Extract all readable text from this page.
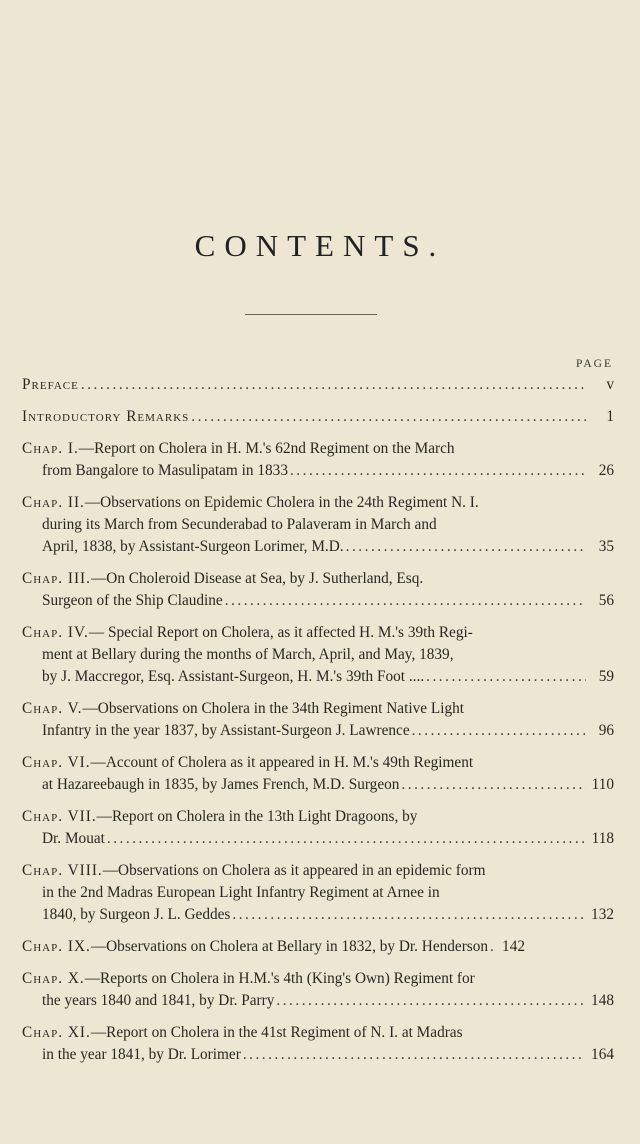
CONTENTS.
PAGE
Preface .....	v
Introductory Remarks .....	1
Chap. I.—Report on Cholera in H. M.'s 62nd Regiment on the March
from Bangalore to Masulipatam in 1833 .....	26
Chap. II.—Observations on Epidemic Cholera in the 24th Regiment N. I.
during its March from Secunderabad to Palaveram in March and
April, 1838, by Assistant-Surgeon Lorimer, M.D. .....	35
Chap. III.—On Choleroid Disease at Sea, by J. Sutherland, Esq.
Surgeon of the Ship Claudine .....	56
Chap. IV.— Special Report on Cholera, as it affected H. M.'s 39th Regi-
ment at Bellary during the months of March, April, and May, 1839,
by J. Maccregor, Esq. Assistant-Surgeon, H. M.'s 39th Foot .... .....	59
Chap. V.—Observations on Cholera in the 34th Regiment Native Light
Infantry in the year 1837, by Assistant-Surgeon J. Lawrence .....	96
Chap. VI.—Account of Cholera as it appeared in H. M.'s 49th Regiment
at Hazareebaugh in 1835, by James French, M.D. Surgeon .....	110
Chap. VII.—Report on Cholera in the 13th Light Dragoons, by
Dr. Mouat .....	118
Chap. VIII.—Observations on Cholera as it appeared in an epidemic form
in the 2nd Madras European Light Infantry Regiment at Arnee in
1840, by Surgeon J. L. Geddes .....	132
Chap. IX.—Observations on Cholera at Bellary in 1832, by Dr. Henderson ..... 142
Chap. X.—Reports on Cholera in H.M.'s 4th (King's Own) Regiment for
the years 1840 and 1841, by Dr. Parry .....	148
Chap. XI.—Report on Cholera in the 41st Regiment of N. I. at Madras
in the year 1841, by Dr. Lorimer .....	164
